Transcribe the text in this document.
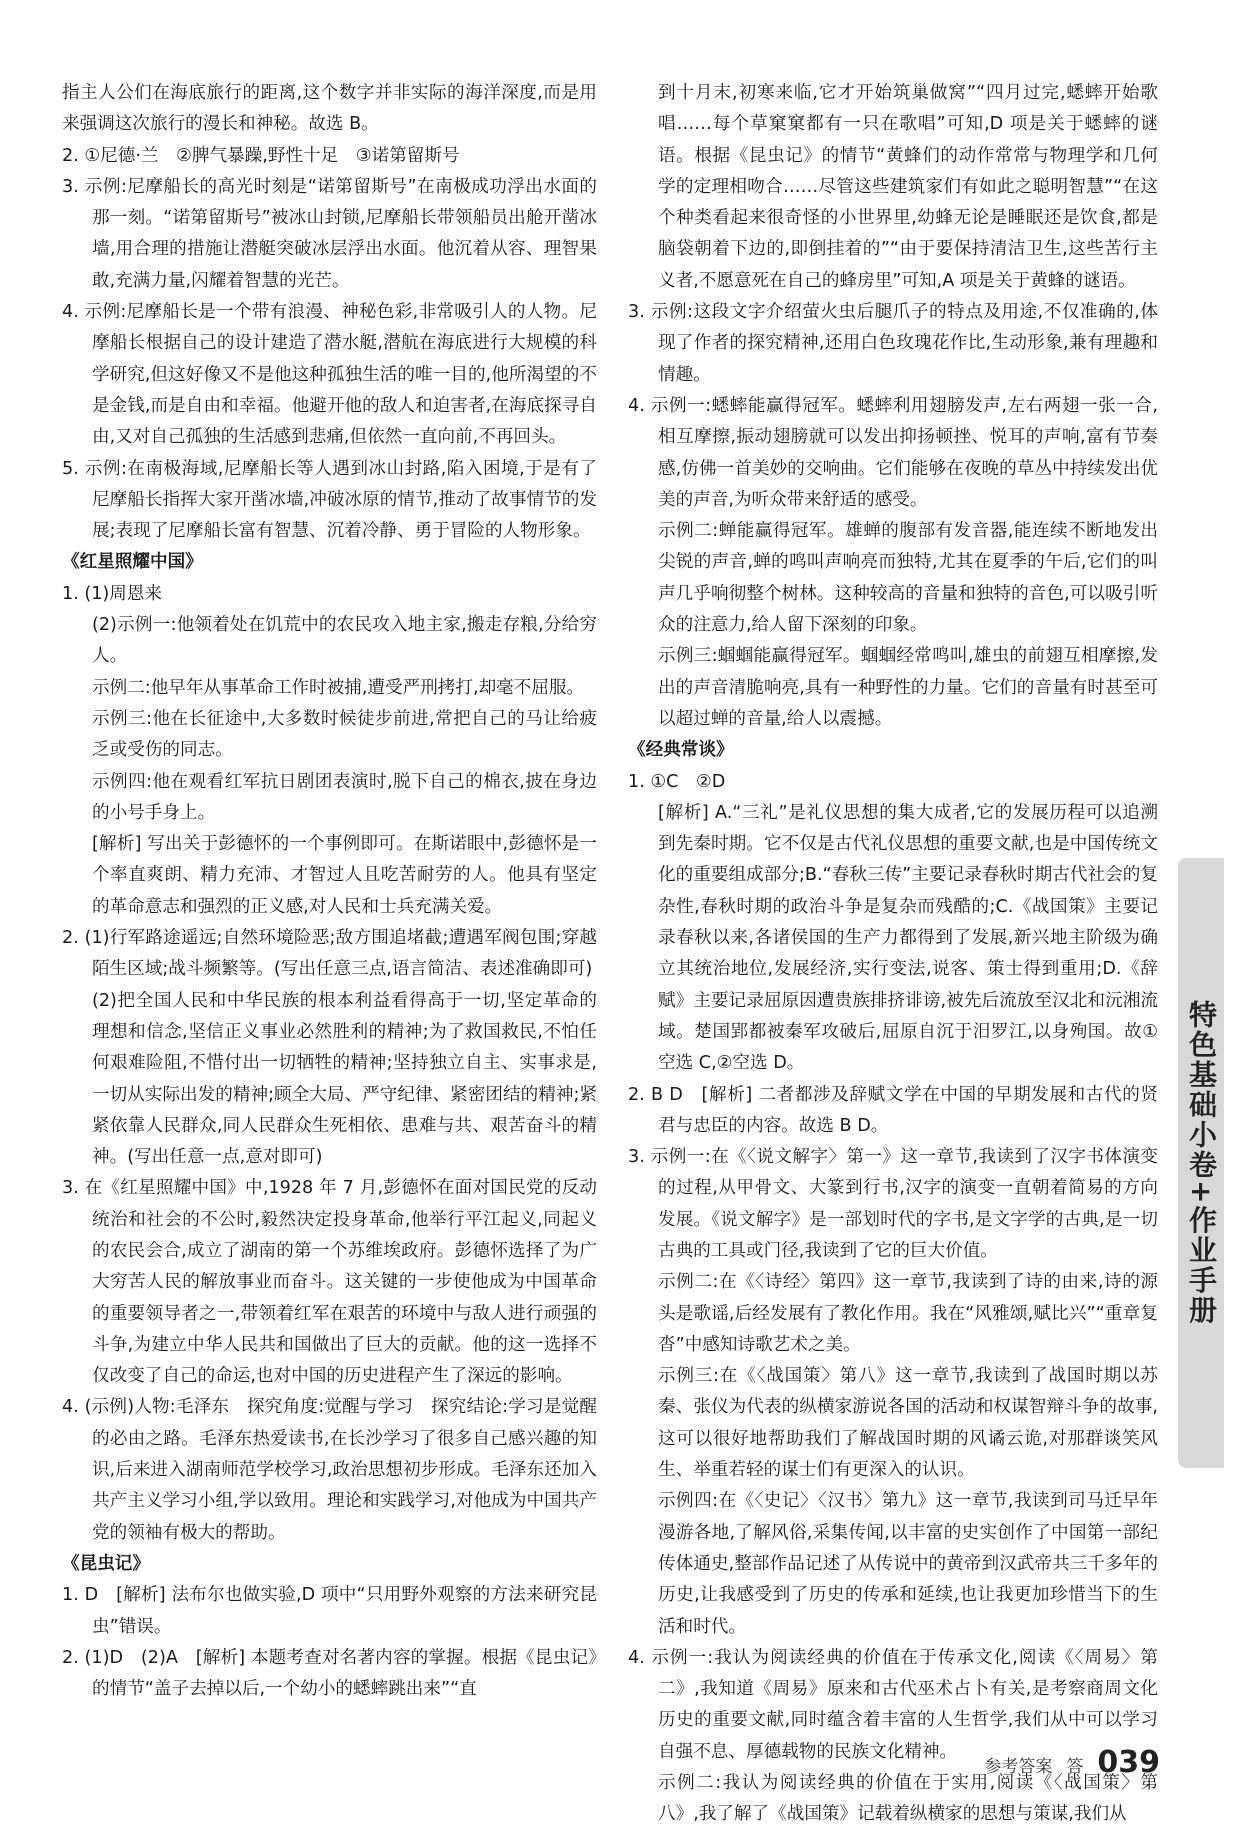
指主人公们在海底旅行的距离,这个数字并非实际的海洋深度,而是用来强调这次旅行的漫长和神秘。故选 B。

2. ①尼德·兰　②脾气暴躁,野性十足　③诺第留斯号

3. 示例:尼摩船长的高光时刻是“诺第留斯号”在南极成功浮出水面的那一刻。“诺第留斯号”被冰山封锁,尼摩船长带领船员出舱开凿冰墙,用合理的措施让潜艇突破冰层浮出水面。他沉着从容、理智果敢,充满力量,闪耀着智慧的光芒。

4. 示例:尼摩船长是一个带有浪漫、神秘色彩,非常吸引人的人物。尼摩船长根据自己的设计建造了潜水艇,潜航在海底进行大规模的科学研究,但这好像又不是他这种孤独生活的唯一目的,他所渴望的不是金钱,而是自由和幸福。他避开他的敌人和迫害者,在海底探寻自由,又对自己孤独的生活感到悲痛,但依然一直向前,不再回头。

5. 示例:在南极海域,尼摩船长等人遇到冰山封路,陷入困境,于是有了尼摩船长指挥大家开凿冰墙,冲破冰原的情节,推动了故事情节的发展;表现了尼摩船长富有智慧、沉着冷静、勇于冒险的人物形象。

《红星照耀中国》

1. (1)周恩来

(2)示例一:他领着处在饥荒中的农民攻入地主家,搬走存粮,分给穷人。

示例二:他早年从事革命工作时被捕,遭受严刑拷打,却毫不屈服。

示例三:他在长征途中,大多数时候徒步前进,常把自己的马让给疲乏或受伤的同志。

示例四:他在观看红军抗日剧团表演时,脱下自己的棉衣,披在身边的小号手身上。

[解析] 写出关于彭德怀的一个事例即可。在斯诺眼中,彭德怀是一个率直爽朗、精力充沛、才智过人且吃苦耐劳的人。他具有坚定的革命意志和强烈的正义感,对人民和士兵充满关爱。

2. (1)行军路途遥远;自然环境险恶;敌方围追堵截;遭遇军阀包围;穿越陌生区域;战斗频繁等。(写出任意三点,语言简洁、表述准确即可)

(2)把全国人民和中华民族的根本利益看得高于一切,坚定革命的理想和信念,坚信正义事业必然胜利的精神;为了救国救民,不怕任何艰难险阻,不惜付出一切牺牲的精神;坚持独立自主、实事求是,一切从实际出发的精神;顾全大局、严守纪律、紧密团结的精神;紧紧依靠人民群众,同人民群众生死相依、患难与共、艰苦奋斗的精神。(写出任意一点,意对即可)

3. 在《红星照耀中国》中,1928 年 7 月,彭德怀在面对国民党的反动统治和社会的不公时,毅然决定投身革命,他举行平江起义,同起义的农民会合,成立了湖南的第一个苏维埃政府。彭德怀选择了为广大穷苦人民的解放事业而奋斗。这关键的一步使他成为中国革命的重要领导者之一,带领着红军在艰苦的环境中与敌人进行顽强的斗争,为建立中华人民共和国做出了巨大的贡献。他的这一选择不仅改变了自己的命运,也对中国的历史进程产生了深远的影响。

4. (示例)人物:毛泽东　探究角度:觉醒与学习　探究结论:学习是觉醒的必由之路。毛泽东热爱读书,在长沙学习了很多自己感兴趣的知识,后来进入湖南师范学校学习,政治思想初步形成。毛泽东还加入共产主义学习小组,学以致用。理论和实践学习,对他成为中国共产党的领袖有极大的帮助。

《昆虫记》

1. D　[解析] 法布尔也做实验,D 项中“只用野外观察的方法来研究昆虫”错误。

2. (1)D　(2)A　[解析] 本题考查对名著内容的掌握。根据《昆虫记》的情节“盖子去掉以后,一个幼小的蟋蟀跳出来”“直

到十月末,初寒来临,它才开始筑巢做窝”“四月过完,蟋蟀开始歌唱……每个草窠窠都有一只在歌唱”可知,D 项是关于蟋蟀的谜语。根据《昆虫记》的情节“黄蜂们的动作常常与物理学和几何学的定理相吻合……尽管这些建筑家们有如此之聪明智慧”“在这个种类看起来很奇怪的小世界里,幼蜂无论是睡眠还是饮食,都是脑袋朝着下边的,即倒挂着的”“由于要保持清洁卫生,这些苦行主义者,不愿意死在自己的蜂房里”可知,A 项是关于黄蜂的谜语。

3. 示例:这段文字介绍萤火虫后腿爪子的特点及用途,不仅准确的,体现了作者的探究精神,还用白色玫瑰花作比,生动形象,兼有理趣和情趣。

4. 示例一:蟋蟀能赢得冠军。蟋蟀利用翅膀发声,左右两翅一张一合,相互摩擦,振动翅膀就可以发出抑扬顿挫、悦耳的声响,富有节奏感,仿佛一首美妙的交响曲。它们能够在夜晚的草丛中持续发出优美的声音,为听众带来舒适的感受。

示例二:蝉能赢得冠军。雄蝉的腹部有发音器,能连续不断地发出尖锐的声音,蝉的鸣叫声响亮而独特,尤其在夏季的午后,它们的叫声几乎响彻整个树林。这种较高的音量和独特的音色,可以吸引听众的注意力,给人留下深刻的印象。

示例三:蝈蝈能赢得冠军。蝈蝈经常鸣叫,雄虫的前翅互相摩擦,发出的声音清脆响亮,具有一种野性的力量。它们的音量有时甚至可以超过蝉的音量,给人以震撼。

《经典常谈》

1. ①C　②D

[解析] A.“三礼”是礼仪思想的集大成者,它的发展历程可以追溯到先秦时期。它不仅是古代礼仪思想的重要文献,也是中国传统文化的重要组成部分;B.“春秋三传”主要记录春秋时期古代社会的复杂性,春秋时期的政治斗争是复杂而残酷的;C.《战国策》主要记录春秋以来,各诸侯国的生产力都得到了发展,新兴地主阶级为确立其统治地位,发展经济,实行变法,说客、策士得到重用;D.《辞赋》主要记录屈原因遭贵族排挤诽谤,被先后流放至汉北和沅湘流域。楚国郢都被秦军攻破后,屈原自沉于汨罗江,以身殉国。故①空选 C,②空选 D。

2. B D　[解析] 二者都涉及辞赋文学在中国的早期发展和古代的贤君与忠臣的内容。故选 B D。

3. 示例一:在《〈说文解字〉第一》这一章节,我读到了汉字书体演变的过程,从甲骨文、大篆到行书,汉字的演变一直朝着简易的方向发展。《说文解字》是一部划时代的字书,是文字学的古典,是一切古典的工具或门径,我读到了它的巨大价值。

示例二:在《〈诗经〉第四》这一章节,我读到了诗的由来,诗的源头是歌谣,后经发展有了教化作用。我在“风雅颂,赋比兴”“重章复沓”中感知诗歌艺术之美。

示例三:在《〈战国策〉第八》这一章节,我读到了战国时期以苏秦、张仪为代表的纵横家游说各国的活动和权谋智辩斗争的故事,这可以很好地帮助我们了解战国时期的风谲云诡,对那群谈笑风生、举重若轻的谋士们有更深入的认识。

示例四:在《〈史记〉〈汉书〉第九》这一章节,我读到司马迁早年漫游各地,了解风俗,采集传闻,以丰富的史实创作了中国第一部纪传体通史,整部作品记述了从传说中的黄帝到汉武帝共三千多年的历史,让我感受到了历史的传承和延续,也让我更加珍惜当下的生活和时代。

4. 示例一:我认为阅读经典的价值在于传承文化,阅读《〈周易〉第二》,我知道《周易》原来和古代巫术占卜有关,是考察商周文化历史的重要文献,同时蕴含着丰富的人生哲学,我们从中可以学习自强不息、厚德载物的民族文化精神。

示例二:我认为阅读经典的价值在于实用,阅读《〈战国策〉第八》,我了解了《战国策》记载着纵横家的思想与策谋,我们从

特色基础小卷+作业手册
参考答案 答 039
